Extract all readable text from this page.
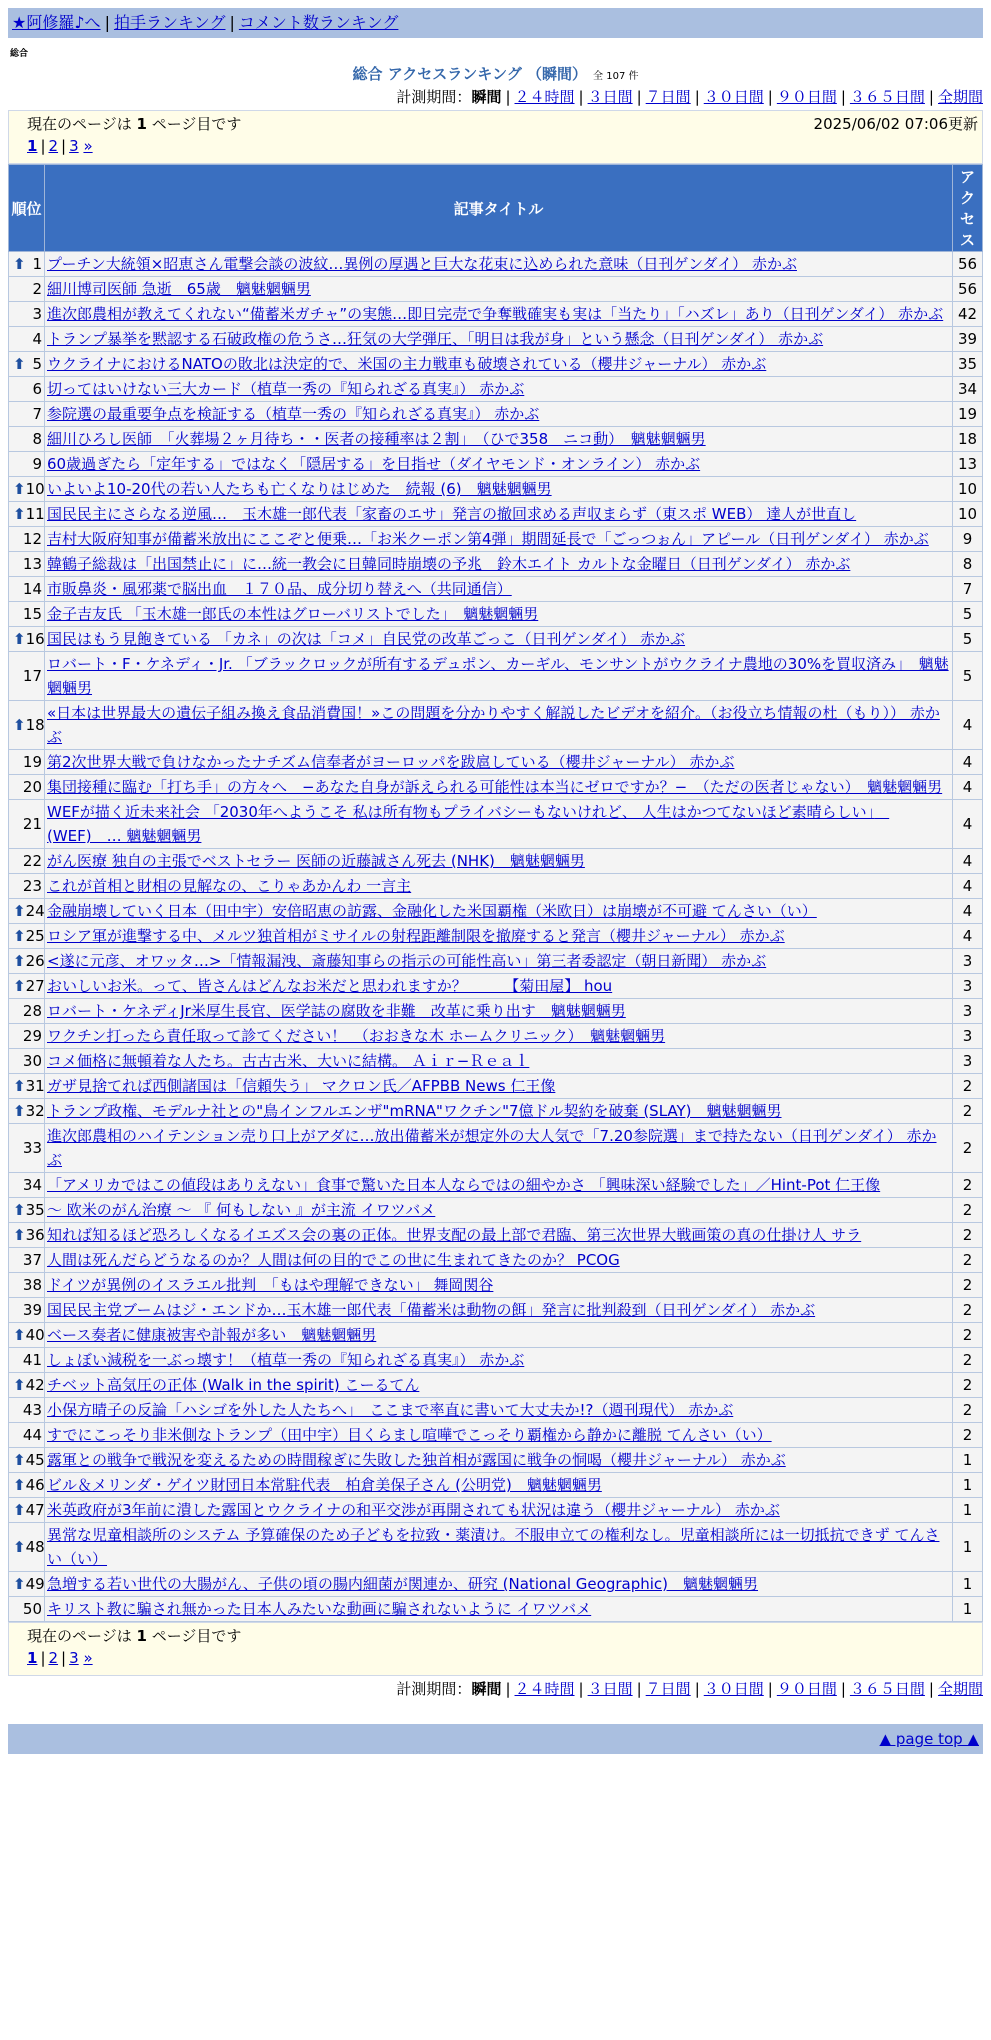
★阿修羅♪へ | 拍手ランキング | コメント数ランキング
総合
総合 アクセスランキング （瞬間） 全 107 件
計測期間：瞬間 | ２４時間 | ３日間 | ７日間 | ３０日間 | ９０日間 | ３６５日間 | 全期間
現在のページは 1 ページ目です	2025/06/02 07:06更新
1 | 2 | 3 »
順位	記事タイトル	アクセス

⬆ 1	プーチン大統領×昭恵さん電撃会談の波紋…異例の厚遇と巨大な花束に込められた意味（日刊ゲンダイ） 赤かぶ	56
2	細川博司医師 急逝　65歳　魑魅魍魎男	56
3	進次郎農相が教えてくれない“備蓄米ガチャ”の実態…即日完売で争奪戦確実も実は「当たり」「ハズレ」あり（日刊ゲンダイ） 赤かぶ	42
4	トランプ暴挙を黙認する石破政権の危うさ…狂気の大学弾圧、「明日は我が身」という懸念（日刊ゲンダイ） 赤かぶ	39

⬆ 5	ウクライナにおけるNATOの敗北は決定的で、米国の主力戦車も破壊されている（櫻井ジャーナル） 赤かぶ	35
6	切ってはいけない三大カード（植草一秀の『知られざる真実』） 赤かぶ	34
7	参院選の最重要争点を検証する（植草一秀の『知られざる真実』） 赤かぶ	19
8	細川ひろし医師　「火葬場２ヶ月待ち・・医者の接種率は２割」　（ひで358　ニコ動）　魑魅魍魎男	18
9	60歳過ぎたら「定年する」ではなく「隠居する」を目指せ（ダイヤモンド・オンライン） 赤かぶ	13

⬆ 10	いよいよ10-20代の若い人たちも亡くなりはじめた　続報 (6)　魑魅魍魎男	10

⬆ 11	国民民主にさらなる逆風…　玉木雄一郎代表「家畜のエサ」発言の撤回求める声収まらず（東スポ WEB） 達人が世直し	10
12	吉村大阪府知事が備蓄米放出にここぞと便乗…「お米クーポン第4弾」期間延長で「ごっつぉん」アピール（日刊ゲンダイ） 赤かぶ	9
13	韓鶴子総裁は「出国禁止に」に…統一教会に日韓同時崩壊の予兆　鈴木エイト カルトな金曜日（日刊ゲンダイ） 赤かぶ	8
14	市販鼻炎・風邪薬で脳出血　１７０品、成分切り替えへ（共同通信）	7
15	金子吉友氏 「玉木雄一郎氏の本性はグローバリストでした」　魑魅魍魎男	5

⬆ 16	国民はもう見飽きている 「カネ」の次は「コメ」自民党の改革ごっこ（日刊ゲンダイ） 赤かぶ	5
17	ロバート・F・ケネディ・Jr. 「ブラックロックが所有するデュポン、カーギル、モンサントがウクライナ農地の30%を買収済み」　魑魅魍魎男	5

⬆ 18	«日本は世界最大の遺伝子組み換え食品消費国！»この問題を分かりやすく解説したビデオを紹介。（お役立ち情報の杜（もり）） 赤かぶ	4
19	第2次世界大戦で負けなかったナチズム信奉者がヨーロッパを跋扈している（櫻井ジャーナル） 赤かぶ	4
20	集団接種に臨む「打ち手」の方々へ　−あなた自身が訴えられる可能性は本当にゼロですか？−　（ただの医者じゃない）　魑魅魍魎男	4
21	WEFが描く近未来社会 「2030年へようこそ 私は所有物もプライバシーもないけれど、 人生はかつてないほど素晴らしい」　(WEF)　… 魑魅魍魎男	4
22	がん医療 独自の主張でベストセラー 医師の近藤誠さん死去 (NHK)　魑魅魍魎男	4
23	これが首相と財相の見解なの、こりゃあかんわ 一言主	4

⬆ 24	金融崩壊していく日本（田中宇）安倍昭恵の訪露、金融化した米国覇権（米欧日）は崩壊が不可避 てんさい（い）	4

⬆ 25	ロシア軍が進撃する中、メルツ独首相がミサイルの射程距離制限を撤廃すると発言（櫻井ジャーナル） 赤かぶ	4

⬆ 26	<遂に元彦、オワッタ…>「情報漏洩、斎藤知事らの指示の可能性高い」第三者委認定（朝日新聞） 赤かぶ	3

⬆ 27	おいしいお米。って、皆さんはどんなお米だと思われますか？　　　【菊田屋】 hou	3
28	ロバート・ケネディJr米厚生長官、医学誌の腐敗を非難　改革に乗り出す　魑魅魍魎男	3
29	ワクチン打ったら責任取って診てください！　（おおきな木 ホームクリニック）　魑魅魍魎男	3
30	コメ価格に無頓着な人たち。古古古米、大いに結構。 Ａｉｒ−Ｒｅａｌ	3

⬆ 31	ガザ見捨てれば西側諸国は「信頼失う」 マクロン氏／AFPBB News 仁王像	2

⬆ 32	トランプ政権、モデルナ社との"鳥インフルエンザ"mRNA"ワクチン"7億ドル契約を破棄 (SLAY)　魑魅魍魎男	2
33	進次郎農相のハイテンション売り口上がアダに…放出備蓄米が想定外の大人気で「7.20参院選」まで持たない（日刊ゲンダイ） 赤かぶ	2
34	「アメリカではこの値段はありえない」食事で驚いた日本人ならではの細やかさ 「興味深い経験でした」／Hint-Pot 仁王像	2

⬆ 35	～ 欧米のがん治療 ～ 『 何もしない 』が主流 イワツバメ	2

⬆ 36	知れば知るほど恐ろしくなるイエズス会の裏の正体。世界支配の最上部で君臨、第三次世界大戦画策の真の仕掛け人 サラ	2
37	人間は死んだらどうなるのか？人間は何の目的でこの世に生まれてきたのか？ PCOG	2
38	ドイツが異例のイスラエル批判　「もはや理解できない」 舞岡関谷	2
39	国民民主党ブームはジ・エンドか…玉木雄一郎代表「備蓄米は動物の餌」発言に批判殺到（日刊ゲンダイ） 赤かぶ	2

⬆ 40	ベース奏者に健康被害や訃報が多い　魑魅魍魎男	2
41	しょぼい減税を一ぶっ壊す！（植草一秀の『知られざる真実』） 赤かぶ	2

⬆ 42	チベット高気圧の正体 (Walk in the spirit) こーるてん	2
43	小保方晴子の反論「ハシゴを外した人たちへ」　ここまで率直に書いて大丈夫か!?（週刊現代） 赤かぶ	2
44	すでにこっそり非米側なトランプ（田中宇）目くらまし喧嘩でこっそり覇権から静かに離脱 てんさい（い）	2

⬆ 45	露軍との戦争で戦況を変えるための時間稼ぎに失敗した独首相が露国に戦争の恫喝（櫻井ジャーナル） 赤かぶ	1

⬆ 46	ビル＆メリンダ・ゲイツ財団日本常駐代表　柏倉美保子さん (公明党)　魑魅魍魎男	1

⬆ 47	米英政府が3年前に潰した露国とウクライナの和平交渉が再開されても状況は違う（櫻井ジャーナル） 赤かぶ	1

⬆ 48	異常な児童相談所のシステム 予算確保のため子どもを拉致・薬漬け。不服申立ての権利なし。児童相談所には一切抵抗できず てんさい（い）	1

⬆ 49	急増する若い世代の大腸がん、子供の頃の腸内細菌が関連か、研究 (National Geographic)　魑魅魍魎男	1
50	キリスト教に騙され無かった日本人みたいな動画に騙されないように イワツバメ	1
現在のページは 1 ページ目です
1 | 2 | 3 »
計測期間：瞬間 | ２４時間 | ３日間 | ７日間 | ３０日間 | ９０日間 | ３６５日間 | 全期間
▲ page top ▲
